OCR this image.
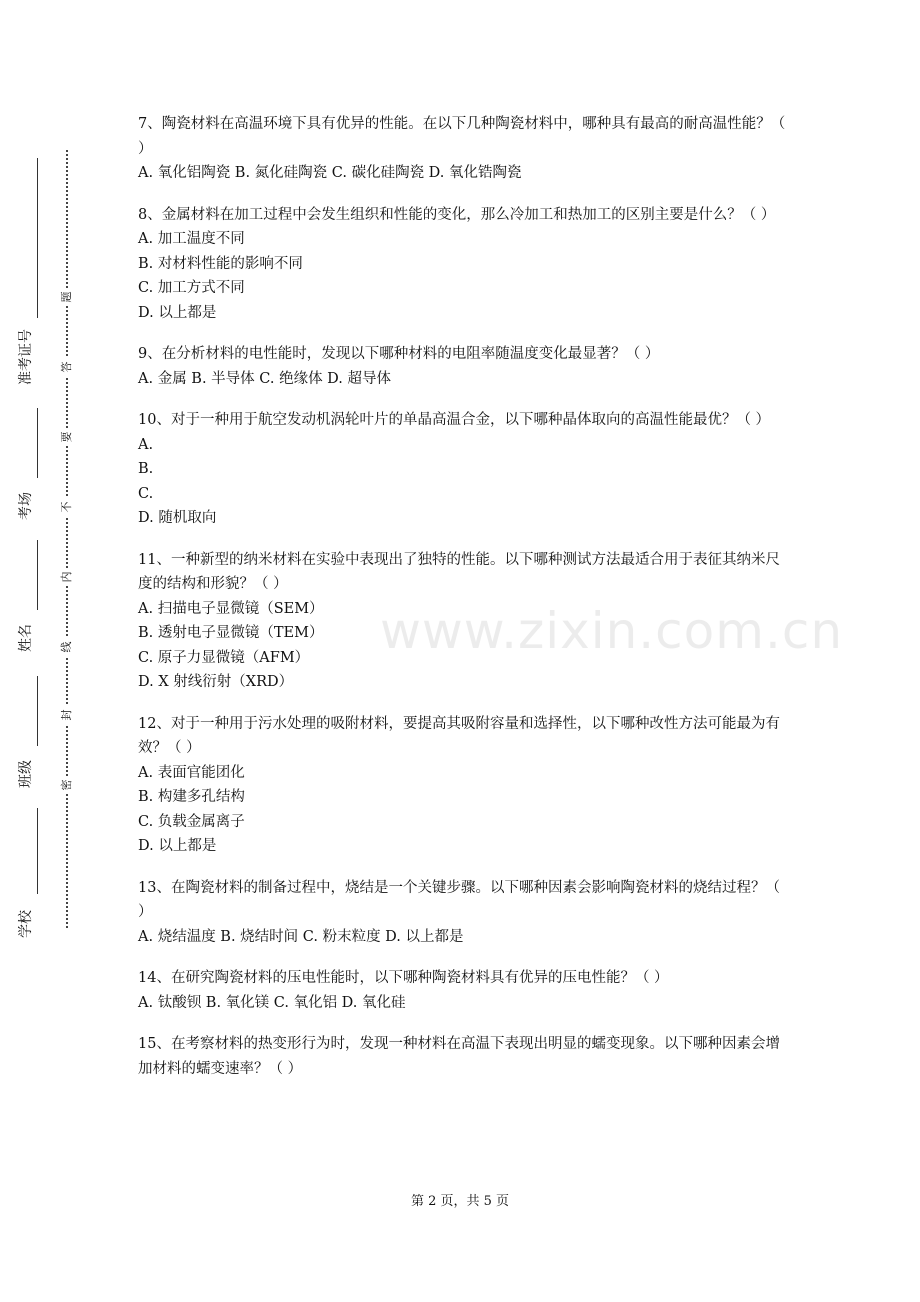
准考证号
考场
姓名
班级
学校
密
封
线
内
不
要
答
题
www.zixin.com.cn

7、陶瓷材料在高温环境下具有优异的性能。在以下几种陶瓷材料中，哪种具有最高的耐高温性能？（ ）

A. 氧化铝陶瓷 B. 氮化硅陶瓷 C. 碳化硅陶瓷 D. 氧化锆陶瓷

8、金属材料在加工过程中会发生组织和性能的变化，那么冷加工和热加工的区别主要是什么？（ ）

A. 加工温度不同

B. 对材料性能的影响不同

C. 加工方式不同

D. 以上都是

9、在分析材料的电性能时，发现以下哪种材料的电阻率随温度变化最显著？（ ）

A. 金属 B. 半导体 C. 绝缘体 D. 超导体

10、对于一种用于航空发动机涡轮叶片的单晶高温合金，以下哪种晶体取向的高温性能最优？（ ）

A.

B.

C.

D. 随机取向

11、一种新型的纳米材料在实验中表现出了独特的性能。以下哪种测试方法最适合用于表征其纳米尺度的结构和形貌？（ ）

A. 扫描电子显微镜（SEM）

B. 透射电子显微镜（TEM）

C. 原子力显微镜（AFM）

D. X 射线衍射（XRD）

12、对于一种用于污水处理的吸附材料，要提高其吸附容量和选择性，以下哪种改性方法可能最为有效？（ ）

A. 表面官能团化

B. 构建多孔结构

C. 负载金属离子

D. 以上都是

13、在陶瓷材料的制备过程中，烧结是一个关键步骤。以下哪种因素会影响陶瓷材料的烧结过程？（ ）

A. 烧结温度 B. 烧结时间 C. 粉末粒度 D. 以上都是

14、在研究陶瓷材料的压电性能时，以下哪种陶瓷材料具有优异的压电性能？（ ）

A. 钛酸钡 B. 氧化镁 C. 氧化铝 D. 氧化硅

15、在考察材料的热变形行为时，发现一种材料在高温下表现出明显的蠕变现象。以下哪种因素会增加材料的蠕变速率？（ ）

第 2 页，共 5 页
